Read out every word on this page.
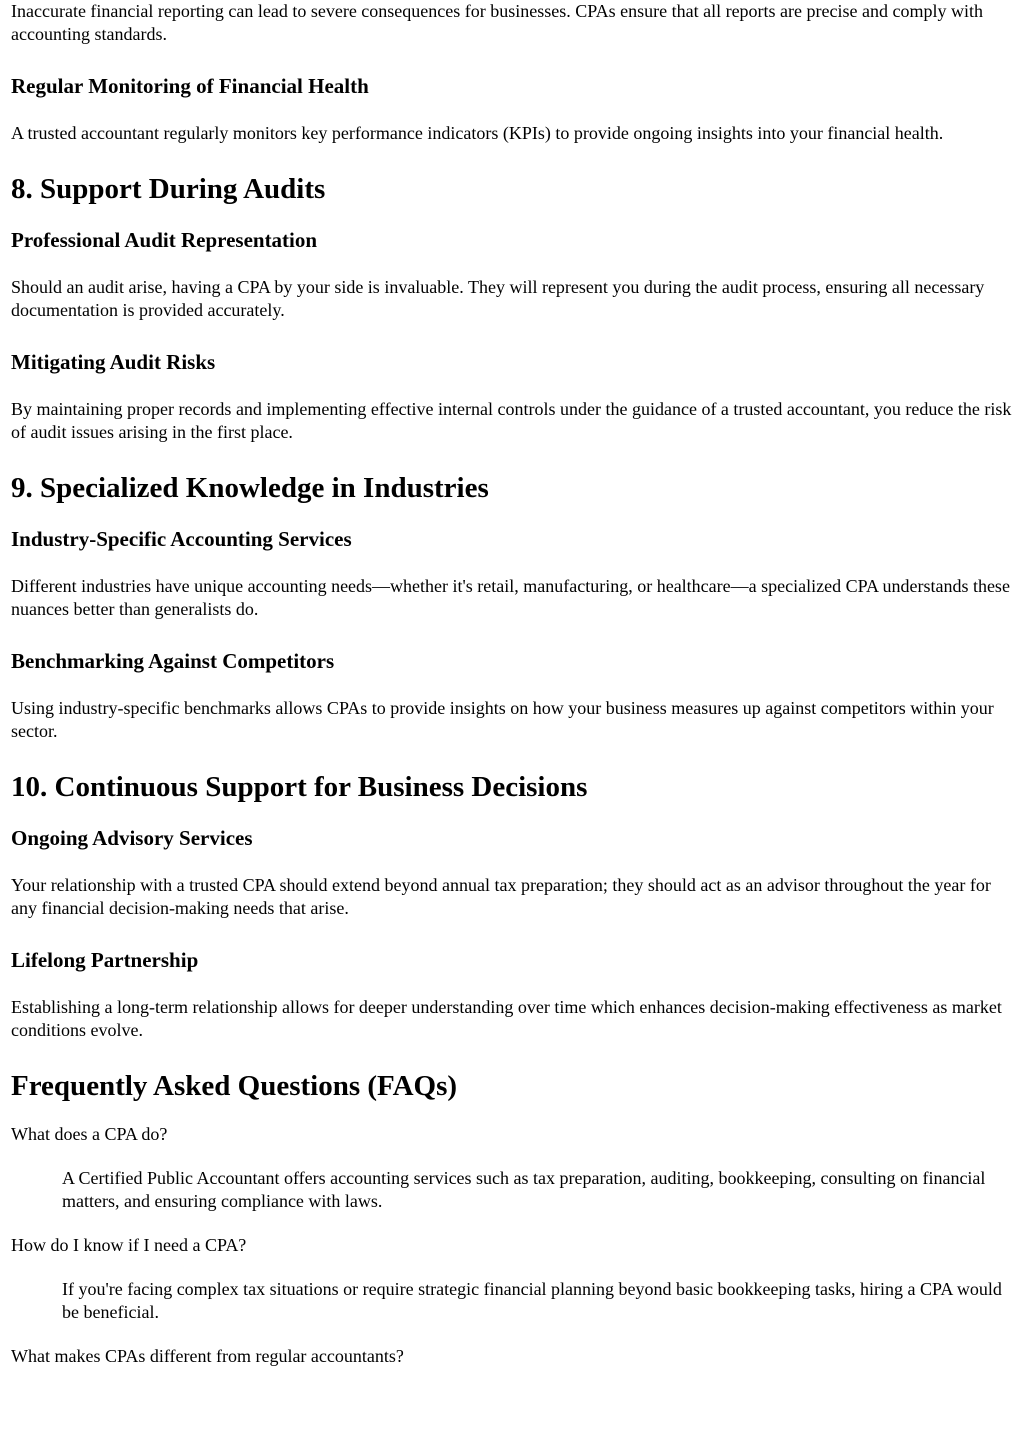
Inaccurate financial reporting can lead to severe consequences for businesses. CPAs ensure that all reports are precise and comply with accounting standards.

Regular Monitoring of Financial Health

A trusted accountant regularly monitors key performance indicators (KPIs) to provide ongoing insights into your financial health.

8. Support During Audits
Professional Audit Representation

Should an audit arise, having a CPA by your side is invaluable. They will represent you during the audit process, ensuring all necessary documentation is provided accurately.

Mitigating Audit Risks

By maintaining proper records and implementing effective internal controls under the guidance of a trusted accountant, you reduce the risk of audit issues arising in the first place.

9. Specialized Knowledge in Industries
Industry-Specific Accounting Services

Different industries have unique accounting needs—whether it's retail, manufacturing, or healthcare—a specialized CPA understands these nuances better than generalists do.

Benchmarking Against Competitors

Using industry-specific benchmarks allows CPAs to provide insights on how your business measures up against competitors within your sector.

10. Continuous Support for Business Decisions
Ongoing Advisory Services

Your relationship with a trusted CPA should extend beyond annual tax preparation; they should act as an advisor throughout the year for any financial decision-making needs that arise.

Lifelong Partnership

Establishing a long-term relationship allows for deeper understanding over time which enhances decision-making effectiveness as market conditions evolve.

Frequently Asked Questions (FAQs)
What does a CPA do?
A Certified Public Accountant offers accounting services such as tax preparation, auditing, bookkeeping, consulting on financial matters, and ensuring compliance with laws.
How do I know if I need a CPA?
If you're facing complex tax situations or require strategic financial planning beyond basic bookkeeping tasks, hiring a CPA would be beneficial.
What makes CPAs different from regular accountants?
